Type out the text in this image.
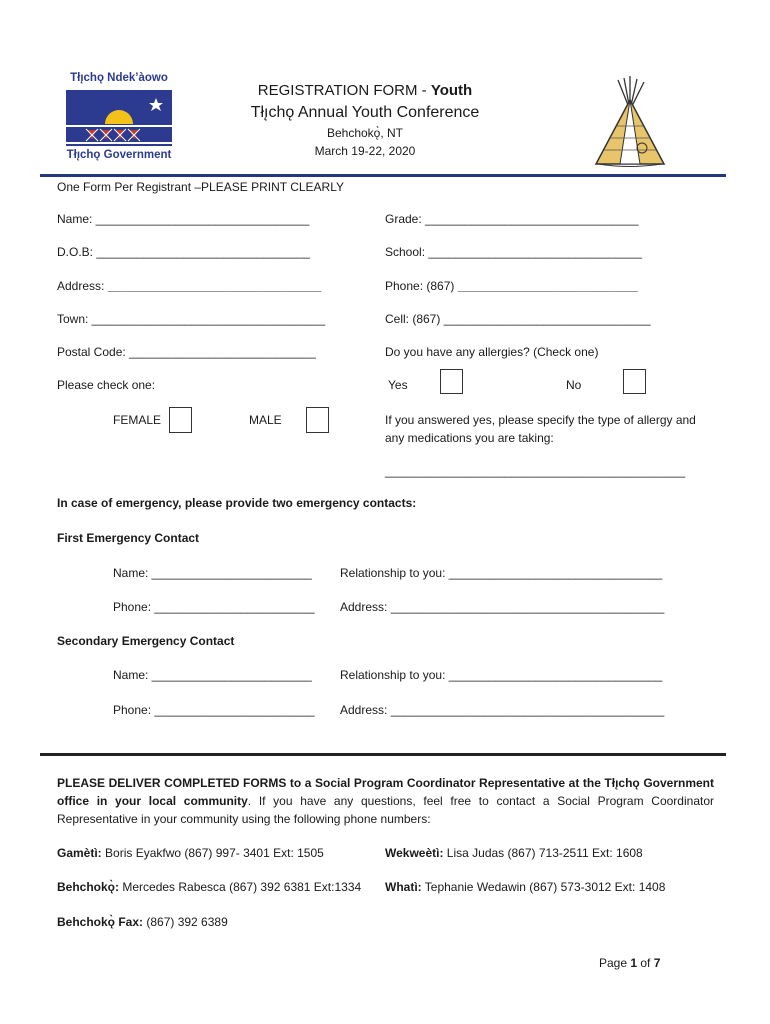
Tłı̨chǫ Ndek’àowo
Tłı̨chǫ Government
REGISTRATION FORM - Youth
Tłı̨chǫ Annual Youth Conference
Behchokǫ̀, NT
March 19-22, 2020
One Form Per Registrant –PLEASE PRINT CLEARLY
Name: ________________________________	Grade: ________________________________
D.O.B: ________________________________	School: ________________________________
Address: ________________________________	Phone: (867) ___________________________
Town: ___________________________________	Cell: (867) _______________________________
Postal Code: ____________________________	Do you have any allergies? (Check one)
Please check one:	Yes	No
FEMALE	MALE	If you answered yes, please specify the type of allergy and
any medications you are taking:
_____________________________________________
In case of emergency, please provide two emergency contacts:
First Emergency Contact
Name: ________________________ Relationship to you: ________________________________
Phone: ________________________ Address: _________________________________________
Secondary Emergency Contact
Name: ________________________ Relationship to you: ________________________________
Phone: ________________________ Address: _________________________________________
PLEASE DELIVER COMPLETED FORMS to a Social Program Coordinator Representative at the Tłı̨chǫ Government office in your local community. If you have any questions, feel free to contact a Social Program Coordinator Representative in your community using the following phone numbers:
Gamètì: Boris Eyakfwo (867) 997- 3401 Ext: 1505	Wekweètì: Lisa Judas (867) 713-2511 Ext: 1608
Behchokǫ̀: Mercedes Rabesca (867) 392 6381 Ext:1334 Whatì: Tephanie Wedawin (867) 573-3012 Ext: 1408
Behchokǫ̀ Fax: (867) 392 6389
Page 1 of 7
